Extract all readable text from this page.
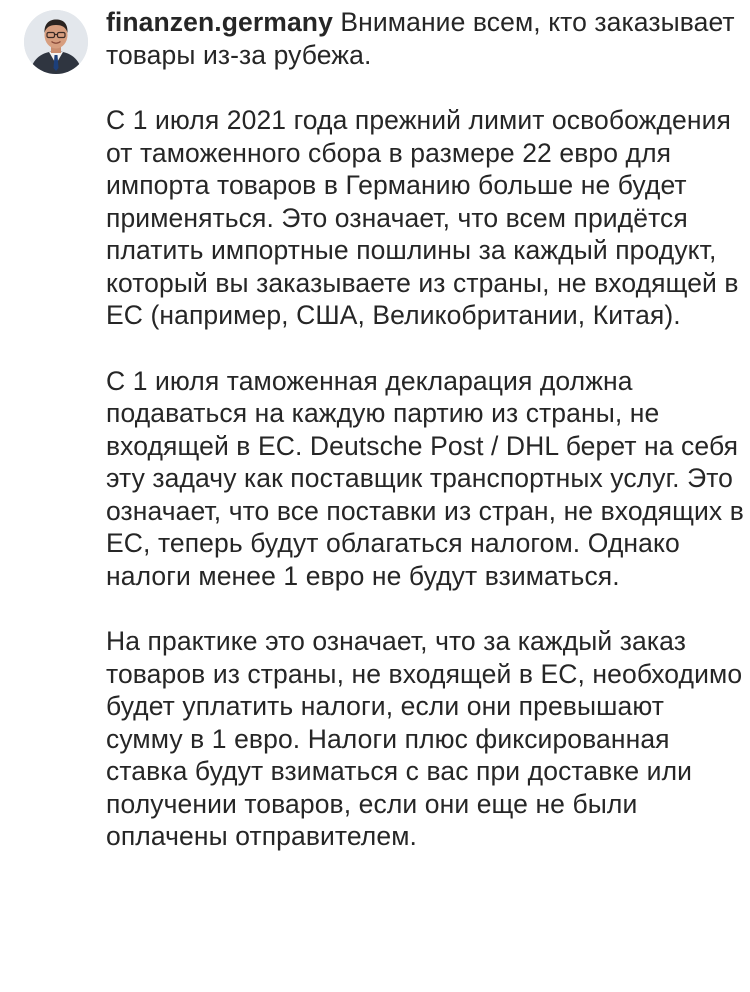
finanzen.germany Внимание всем, кто заказывает товары из-за рубежа.

С 1 июля 2021 года прежний лимит освобождения от таможенного сбора в размере 22 евро для импорта товаров в Германию больше не будет применяться. Это означает, что всем придётся платить импортные пошлины за каждый продукт, который вы заказываете из страны, не входящей в ЕС (например, США, Великобритании, Китая).

С 1 июля таможенная декларация должна подаваться на каждую партию из страны, не входящей в ЕС. Deutsche Post / DHL берет на себя эту задачу как поставщик транспортных услуг. Это означает, что все поставки из стран, не входящих в ЕС, теперь будут облагаться налогом. Однако налоги менее 1 евро не будут взиматься.

На практике это означает, что за каждый заказ товаров из страны, не входящей в ЕС, необходимо будет уплатить налоги, если они превышают сумму в 1 евро. Налоги плюс фиксированная ставка будут взиматься с вас при доставке или получении товаров, если они еще не были оплачены отправителем.
